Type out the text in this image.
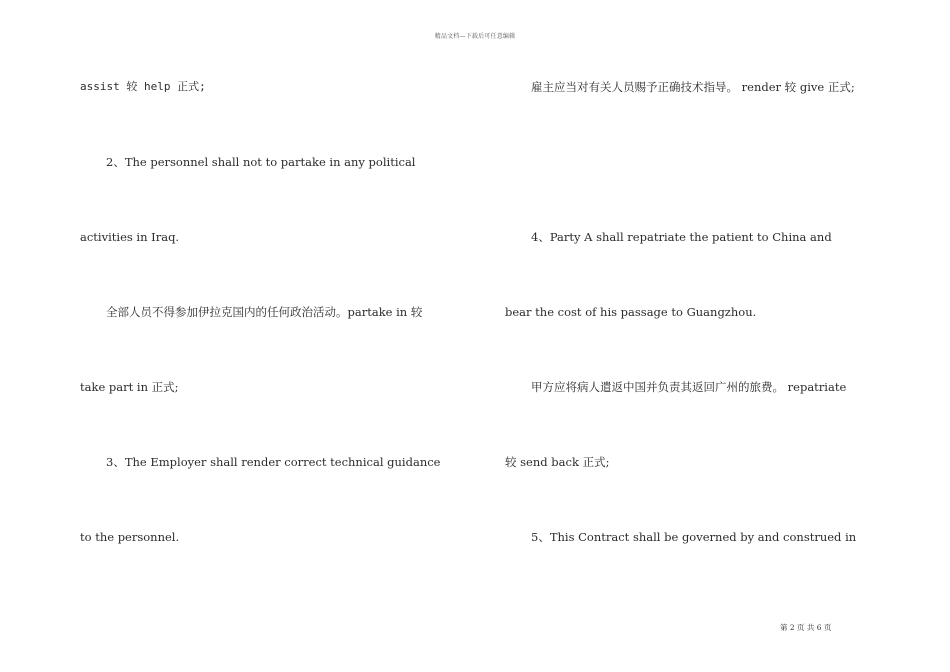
精品文档—下载后可任意编辑
assist 较 help 正式;
2、The personnel shall not to partake in any political
activities in Iraq.
全部人员不得参加伊拉克国内的任何政治活动。partake in 较
take part in 正式;
3、The Employer shall render correct technical guidance
to the personnel.
雇主应当对有关人员赐予正确技术指导。 render 较 give 正式;
4、Party A shall repatriate the patient to China and
bear the cost of his passage to Guangzhou.
甲方应将病人遣返中国并负责其返回广州的旅费。 repatriate
较 send back 正式;
5、This Contract shall be governed by and construed in
第 2 页 共 6 页
